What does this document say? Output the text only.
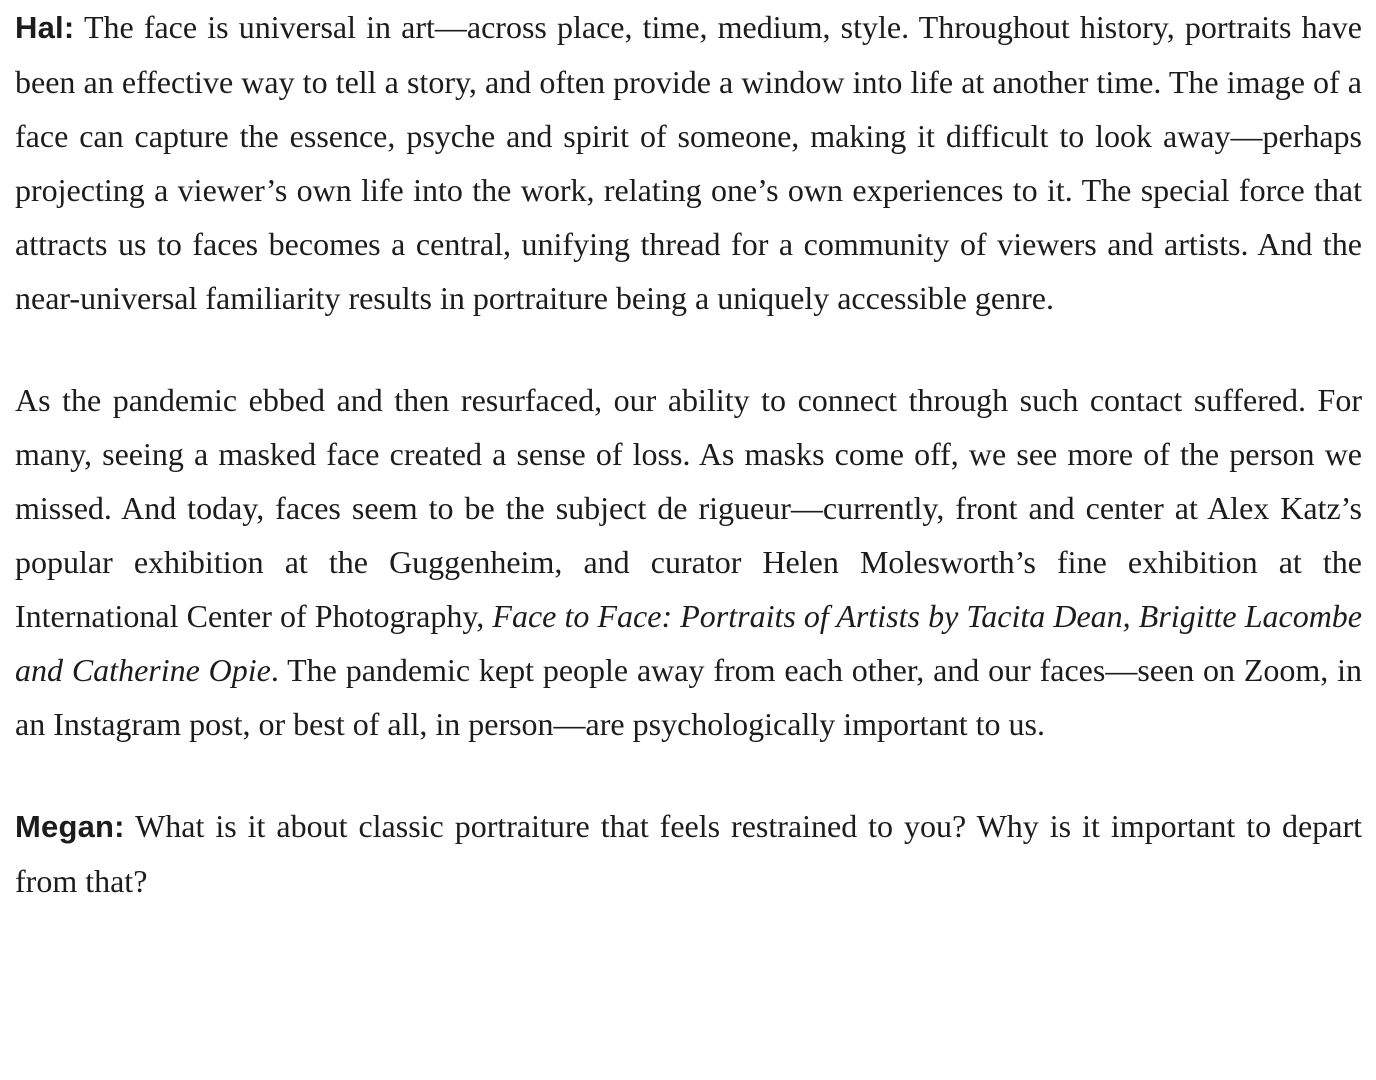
Hal: The face is universal in art—across place, time, medium, style. Throughout history, portraits have been an effective way to tell a story, and often provide a window into life at another time. The image of a face can capture the essence, psyche and spirit of someone, making it difficult to look away—perhaps projecting a viewer’s own life into the work, relating one’s own experiences to it. The special force that attracts us to faces becomes a central, unifying thread for a community of viewers and artists. And the near-universal familiarity results in portraiture being a uniquely accessible genre.

As the pandemic ebbed and then resurfaced, our ability to connect through such contact suffered. For many, seeing a masked face created a sense of loss. As masks come off, we see more of the person we missed. And today, faces seem to be the subject de rigueur—currently, front and center at Alex Katz’s popular exhibition at the Guggenheim, and curator Helen Molesworth’s fine exhibition at the International Center of Photography, Face to Face: Portraits of Artists by Tacita Dean, Brigitte Lacombe and Catherine Opie. The pandemic kept people away from each other, and our faces—seen on Zoom, in an Instagram post, or best of all, in person—are psychologically important to us.

Megan: What is it about classic portraiture that feels restrained to you? Why is it important to depart from that?
